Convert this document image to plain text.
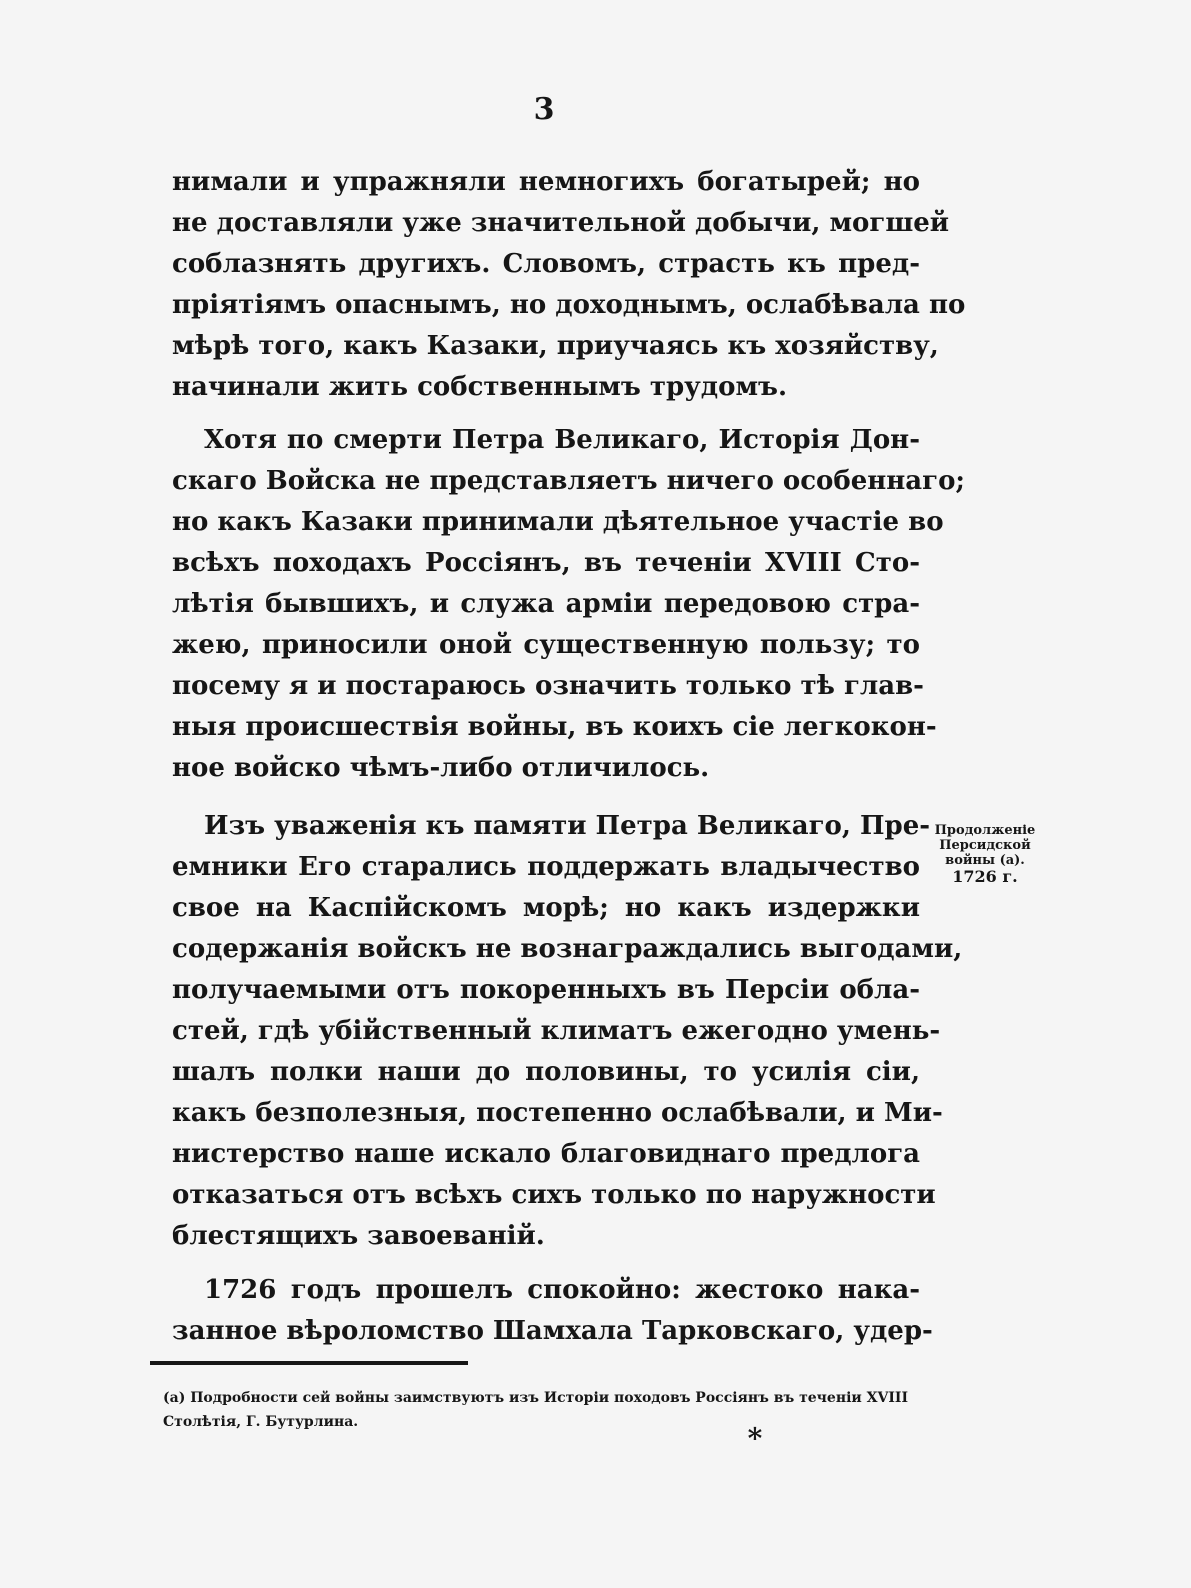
3
нимали и упражняли немногихъ богатырей; но
не доставляли уже значительной добычи, могшей
соблазнять другихъ. Словомъ, страсть къ пред-
пріятіямъ опаснымъ, но доходнымъ, ослабѣвала по
мѣрѣ того, какъ Казаки, приучаясь къ хозяйству,
начинали жить собственнымъ трудомъ.
Хотя по смерти Петра Великаго, Исторія Дон-
скаго Войска не представляетъ ничего особеннаго;
но какъ Казаки принимали дѣятельное участіе во
всѣхъ походахъ Россіянъ, въ теченіи XVIII Сто-
лѣтія бывшихъ, и служа арміи передовою стра-
жею, приносили оной существенную пользу; то
посему я и постараюсь означить только тѣ глав-
ныя происшествія войны, въ коихъ сіе легкокон-
ное войско чѣмъ-либо отличилось.
Изъ уваженія къ памяти Петра Великаго, Пре-
емники Его старались поддержать владычество
свое на Каспійскомъ морѣ; но какъ издержки
содержанія войскъ не вознаграждались выгодами,
получаемыми отъ покоренныхъ въ Персіи обла-
стей, гдѣ убійственный климатъ ежегодно умень-
шалъ полки наши до половины, то усилія сіи,
какъ безполезныя, постепенно ослабѣвали, и Ми-
нистерство наше искало благовиднаго предлога
отказаться отъ всѣхъ сихъ только по наружности
блестящихъ завоеваній.
Продолженіе
Персидской
войны (а).
1726 г.
1726 годъ прошелъ спокойно: жестоко нака-
занное вѣроломство Шамхала Тарковскаго, удер-
(а) Подробности сей войны заимствуютъ изъ Исторіи походовъ Россіянъ въ теченіи XVIII
Столѣтія, Г. Бутурлина.	*
